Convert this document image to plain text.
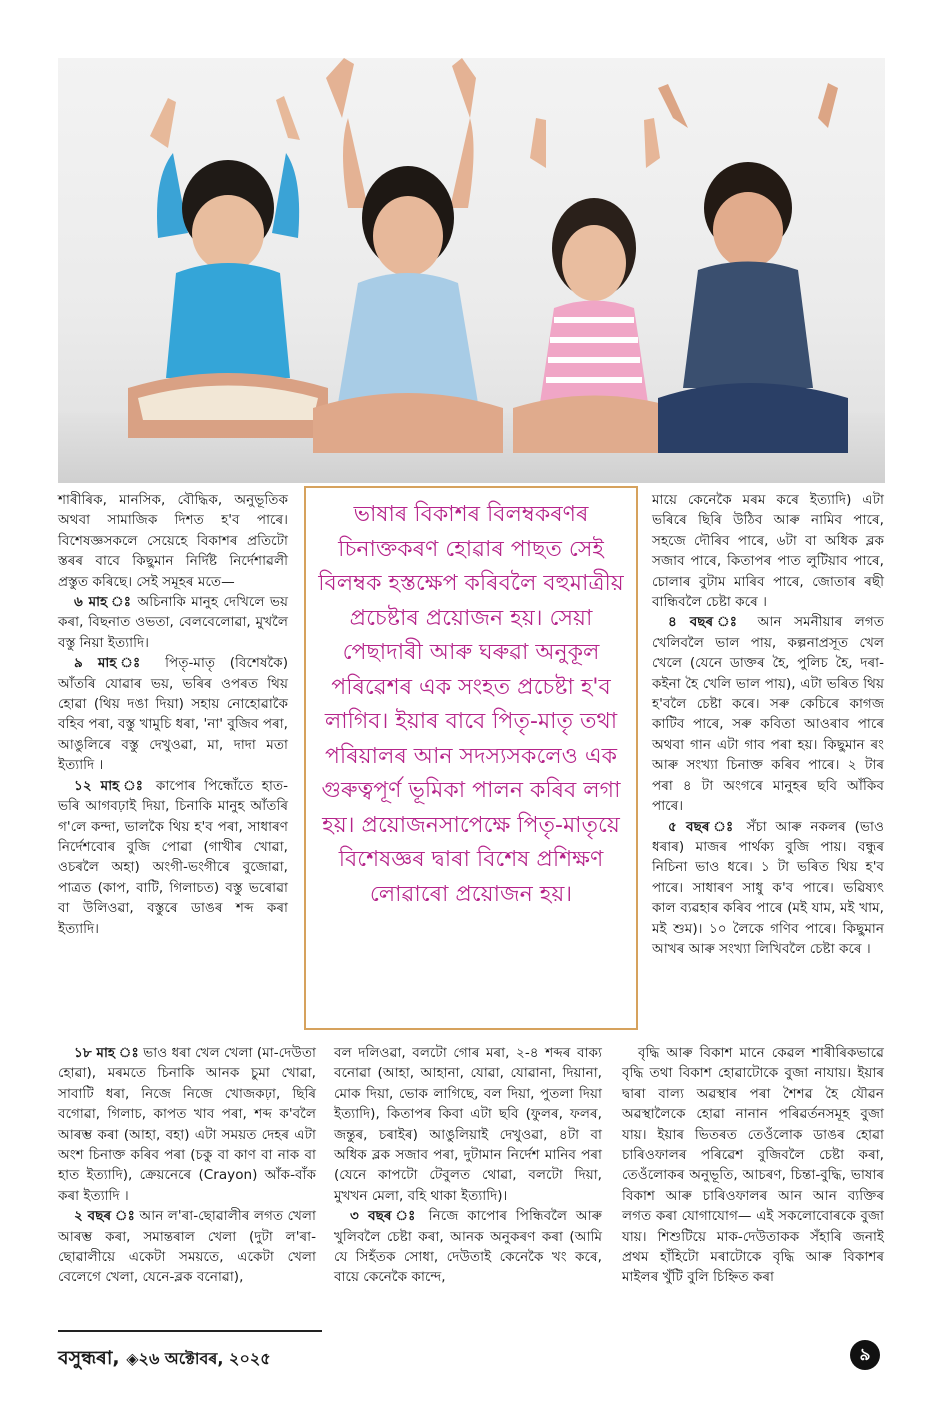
শাৰীৰিক, মানসিক, বৌদ্ধিক, অনুভূতিক অথবা সামাজিক দিশত হ'ব পাৰে। বিশেষজ্ঞসকলে সেয়েহে বিকাশৰ প্ৰতিটো স্তৰৰ বাবে কিছুমান নিৰ্দিষ্ট নিৰ্দেশাৱলী প্ৰস্তুত কৰিছে। সেই সমূহৰ মতে—

৬ মাহ ঃ অচিনাকি মানুহ দেখিলে ভয় কৰা, বিছনাত ওভতা, বেলবেলোৱা, মুখলৈ বস্তু নিয়া ইত্যাদি।

৯ মাহ ঃ পিতৃ-মাতৃ (বিশেষকৈ) আঁতৰি যোৱাৰ ভয়, ভৰিৰ ওপৰত থিয় হোৱা (থিয় দঙা দিয়া) সহায় নোহোৱাকৈ বহিব পৰা, বস্তু খামুচি ধৰা, 'না' বুজিব পৰা, আঙুলিৰে বস্তু দেখুওৱা, মা, দাদা মতা ইত্যাদি ।

১২ মাহ ঃ কাপোৰ পিন্ধোঁতে হাত-ভৰি আগবঢ়াই দিয়া, চিনাকি মানুহ আঁতৰি গ'লে কন্দা, ভালকৈ থিয় হ'ব পৰা, সাধাৰণ নিৰ্দেশবোৰ বুজি পোৱা (গাখীৰ খোৱা, ওচৰলৈ অহা) অংগী-ভংগীৰে বুজোৱা, পাত্ৰত (কাপ, বাটি, গিলাচত) বস্তু ভৰোৱা বা উলিওৱা, বস্তুৰে ডাঙৰ শব্দ কৰা ইত্যাদি।

ভাষাৰ বিকাশৰ বিলম্বকৰণৰ চিনাক্তকৰণ হোৱাৰ পাছত সেই বিলম্বক হস্তক্ষেপ কৰিবলৈ বহুমাত্ৰীয় প্ৰচেষ্টাৰ প্ৰয়োজন হয়। সেয়া পেছাদাৰী আৰু ঘৰুৱা অনুকূল পৰিৱেশৰ এক সংহত প্ৰচেষ্টা হ'ব লাগিব। ইয়াৰ বাবে পিতৃ-মাতৃ তথা পৰিয়ালৰ আন সদস্যসকলেও এক গুৰুত্বপূৰ্ণ ভূমিকা পালন কৰিব লগা হয়। প্ৰয়োজনসাপেক্ষে পিতৃ-মাতৃয়ে বিশেষজ্ঞৰ দ্বাৰা বিশেষ প্ৰশিক্ষণ লোৱাৰো প্ৰয়োজন হয়।

মায়ে কেনেকৈ মৰম কৰে ইত্যাদি) এটা ভৰিৰে ছিৰি উঠিব আৰু নামিব পাৰে, সহজে দৌৰিব পাৰে, ৬টা বা অধিক ব্লক সজাব পাৰে, কিতাপৰ পাত লুটিয়াব পাৰে, চোলাৰ বুটাম মাৰিব পাৰে, জোতাৰ ৰছী বান্ধিবলৈ চেষ্টা কৰে ।

৪ বছৰ ঃ আন সমনীয়াৰ লগত খেলিবলৈ ভাল পায়, কল্পনাপ্ৰসূত খেল খেলে (যেনে ডাক্তৰ হৈ, পুলিচ হৈ, দৰা-কইনা হৈ খেলি ভাল পায়), এটা ভৰিত থিয় হ'বলৈ চেষ্টা কৰে। সৰু কেচিৰে কাগজ কাটিব পাৰে, সৰু কবিতা আওৰাব পাৰে অথবা গান এটা গাব পৰা হয়। কিছুমান ৰং আৰু সংখ্যা চিনাক্ত কৰিব পাৰে। ২ টাৰ পৰা ৪ টা অংগৰে মানুহৰ ছবি আঁকিব পাৰে।

৫ বছৰ ঃ সঁচা আৰু নকলৰ (ভাও ধৰাৰ) মাজৰ পাৰ্থক্য বুজি পায়। বন্ধুৰ নিচিনা ভাও ধৰে। ১ টা ভৰিত থিয় হ'ব পাৰে। সাধাৰণ সাধু ক'ব পাৰে। ভৱিষ্যৎ কাল ব্যৱহাৰ কৰিব পাৰে (মই যাম, মই খাম, মই শুম)। ১০ লৈকে গণিব পাৰে। কিছুমান আখৰ আৰু সংখ্যা লিখিবলৈ চেষ্টা কৰে ।

১৮ মাহ ঃ ভাও ধৰা খেল খেলা (মা-দেউতা হোৱা), মৰমতে চিনাকি আনক চুমা খোৱা, সাবাটি ধৰা, নিজে নিজে খোজকঢ়া, ছিৰি বগোৱা, গিলাচ, কাপত খাব পৰা, শব্দ ক'বলৈ আৰম্ভ কৰা (আহা, বহা) এটা সময়ত দেহৰ এটা অংশ চিনাক্ত কৰিব পৰা (চকু বা কাণ বা নাক বা হাত ইত্যাদি), ক্ৰেয়নেৰে (Crayon) আঁক-বাঁক কৰা ইত্যাদি ।

২ বছৰ ঃ আন ল'ৰা-ছোৱালীৰ লগত খেলা আৰম্ভ কৰা, সমান্তৰাল খেলা (দুটা ল'ৰা-ছোৱালীয়ে একেটা সময়তে, একেটা খেলা বেলেগে খেলা, যেনে-ব্লক বনোৱা),

বল দলিওৱা, বলটো গোৰ মৰা, ২-৪ শব্দৰ বাক্য বনোৱা (আহা, আহানা, যোৱা, যোৱানা, দিয়ানা, মোক দিয়া, ভোক লাগিছে, বল দিয়া, পুতলা দিয়া ইত্যাদি), কিতাপৰ কিবা এটা ছবি (ফুলৰ, ফলৰ, জন্তুৰ, চৰাইৰ) আঙুলিয়াই দেখুওৱা, ৪টা বা অধিক ব্লক সজাব পৰা, দুটামান নিৰ্দেশ মানিব পৰা (যেনে কাপটো টেবুলত থোৱা, বলটো দিয়া, মুখখন মেলা, বহি থাকা ইত্যাদি)।

৩ বছৰ ঃ নিজে কাপোৰ পিন্ধিবলৈ আৰু খুলিবলৈ চেষ্টা কৰা, আনক অনুকৰণ কৰা (আমি যে সিহঁতক সোধা, দেউতাই কেনেকৈ খং কৰে, বায়ে কেনেকৈ কান্দে,

বৃদ্ধি আৰু বিকাশ মানে কেৱল শাৰীৰিকভাৱে বৃদ্ধি তথা বিকাশ হোৱাটোকে বুজা নাযায়। ইয়াৰ দ্বাৰা বাল্য অৱস্থাৰ পৰা শৈশৱ হৈ যৌৱন অৱস্থালৈকে হোৱা নানান পৰিৱৰ্তনসমূহ বুজা যায়। ইয়াৰ ভিতৰত তেওঁলোক ডাঙৰ হোৱা চাৰিওফালৰ পৰিৱেশ বুজিবলৈ চেষ্টা কৰা, তেওঁলোকৰ অনুভূতি, আচৰণ, চিন্তা-বুদ্ধি, ভাষাৰ বিকাশ আৰু চাৰিওফালৰ আন আন ব্যক্তিৰ লগত কৰা যোগাযোগ— এই সকলোবোৰকে বুজা যায়। শিশুটিয়ে মাক-দেউতাকক সঁহাৰি জনাই প্ৰথম হাঁহিটো মৰাটোকে বৃদ্ধি আৰু বিকাশৰ মাইলৰ খুঁটি বুলি চিহ্নিত কৰা

বসুন্ধৰা, ◈২৬ অক্টোবৰ, ২০২৫	৯
